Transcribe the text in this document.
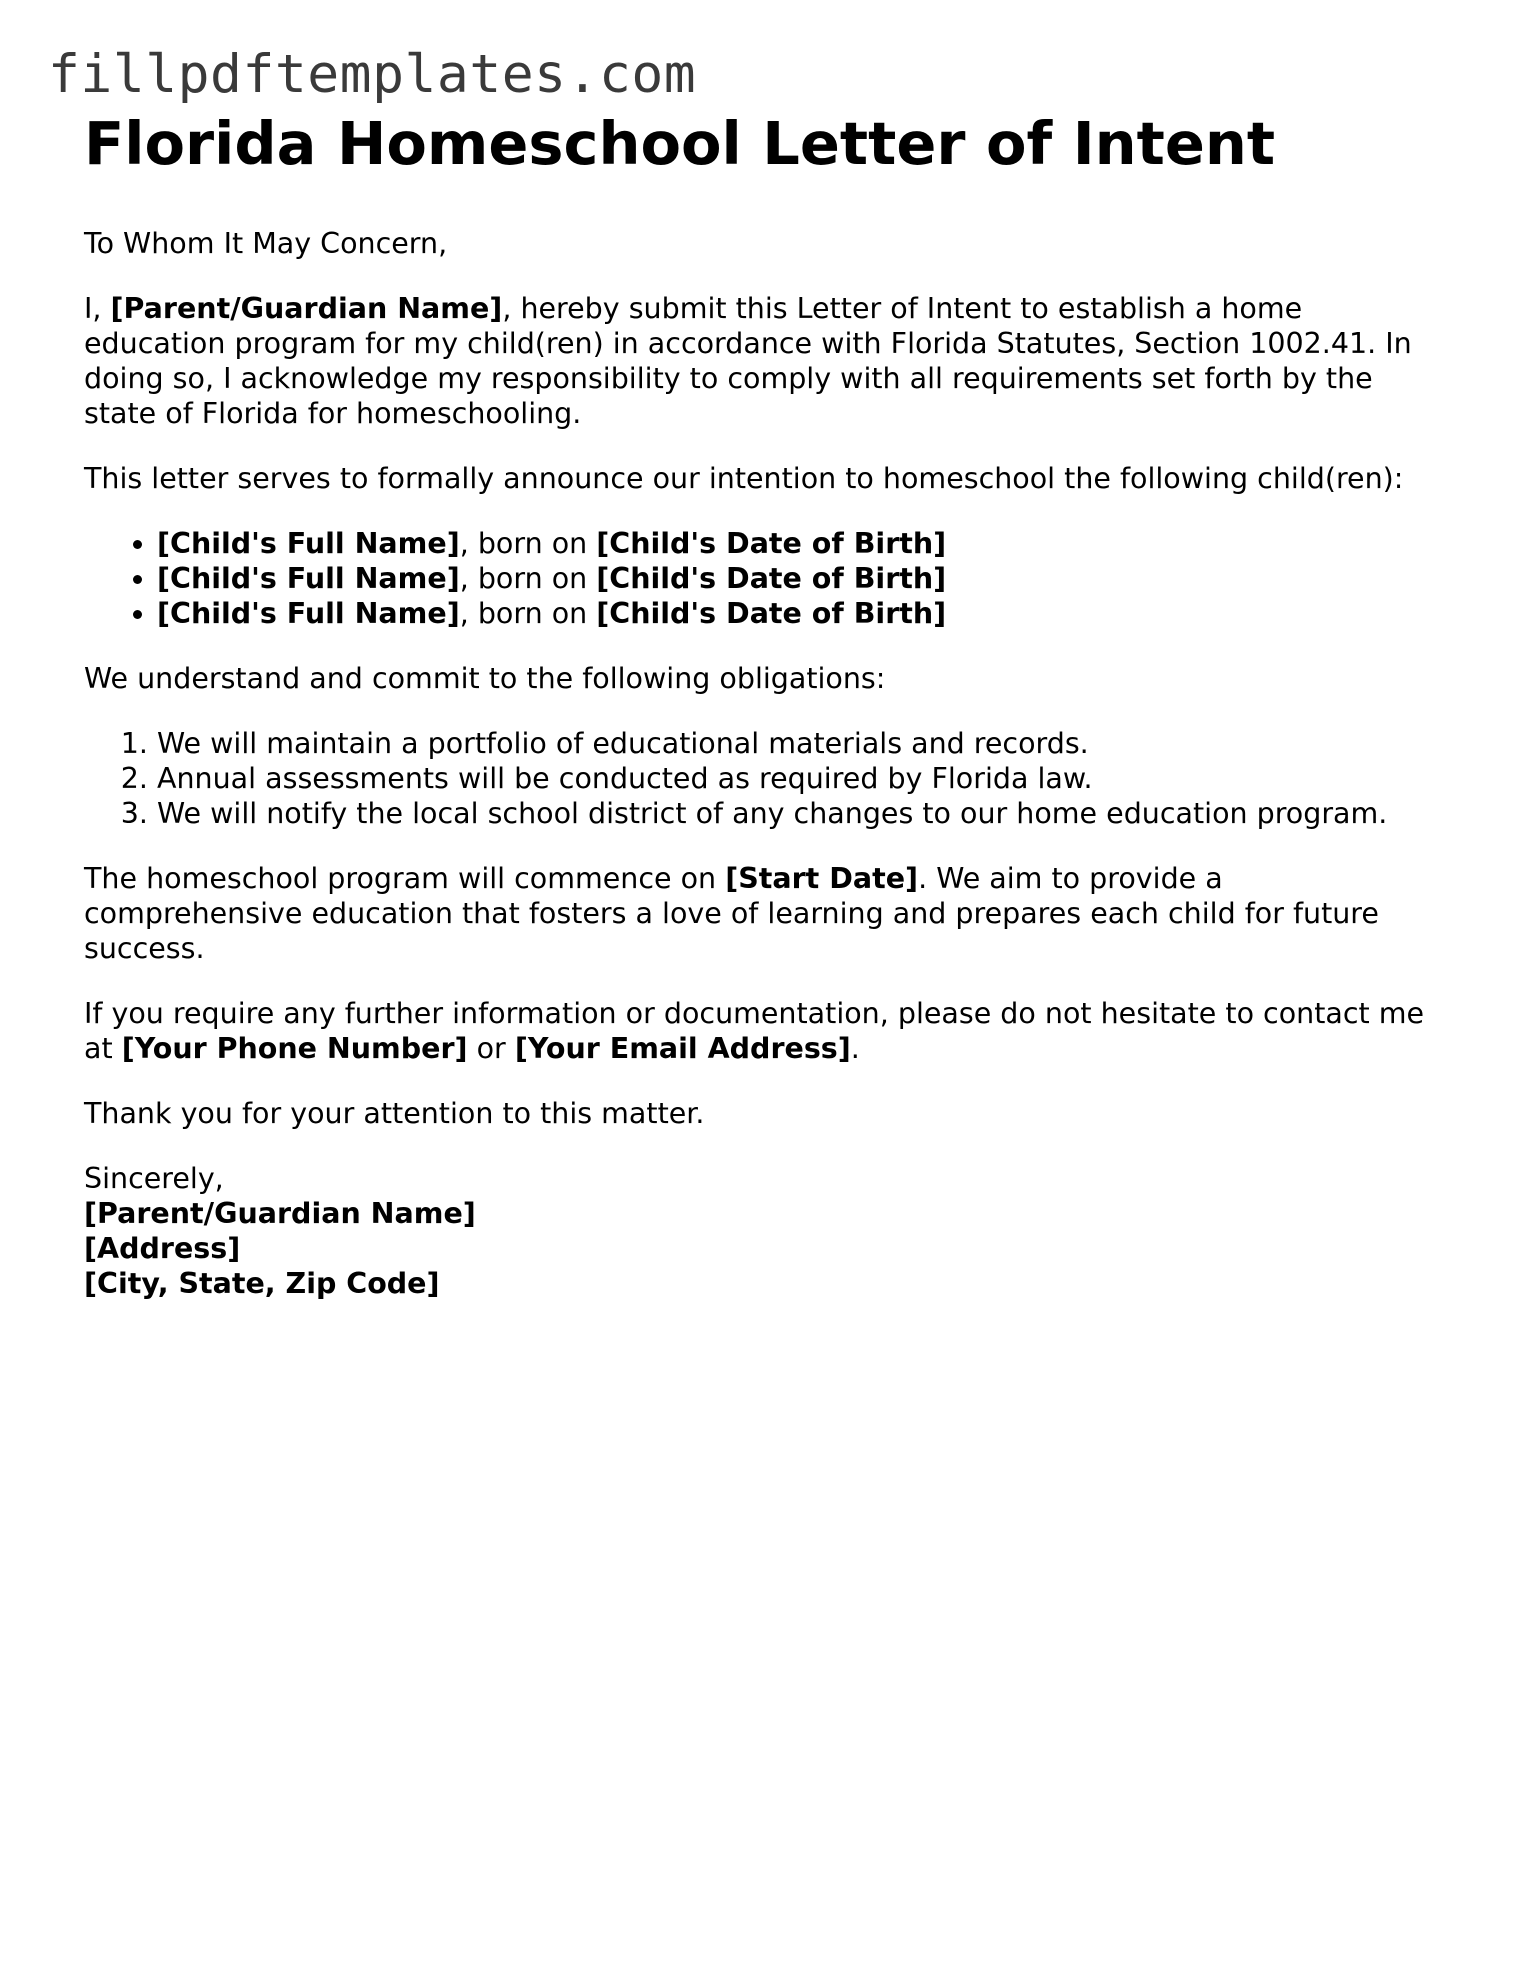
fillpdftemplates.com
Florida Homeschool Letter of Intent

To Whom It May Concern,

I, [Parent/Guardian Name], hereby submit this Letter of Intent to establish a home education program for my child(ren) in accordance with Florida Statutes, Section 1002.41. In doing so, I acknowledge my responsibility to comply with all requirements set forth by the state of Florida for homeschooling.

This letter serves to formally announce our intention to homeschool the following child(ren):

• [Child's Full Name], born on [Child's Date of Birth]
• [Child's Full Name], born on [Child's Date of Birth]
• [Child's Full Name], born on [Child's Date of Birth]

We understand and commit to the following obligations:

1. We will maintain a portfolio of educational materials and records.
2. Annual assessments will be conducted as required by Florida law.
3. We will notify the local school district of any changes to our home education program.

The homeschool program will commence on [Start Date]. We aim to provide a comprehensive education that fosters a love of learning and prepares each child for future success.

If you require any further information or documentation, please do not hesitate to contact me at [Your Phone Number] or [Your Email Address].

Thank you for your attention to this matter.

Sincerely,
[Parent/Guardian Name]
[Address]
[City, State, Zip Code]
